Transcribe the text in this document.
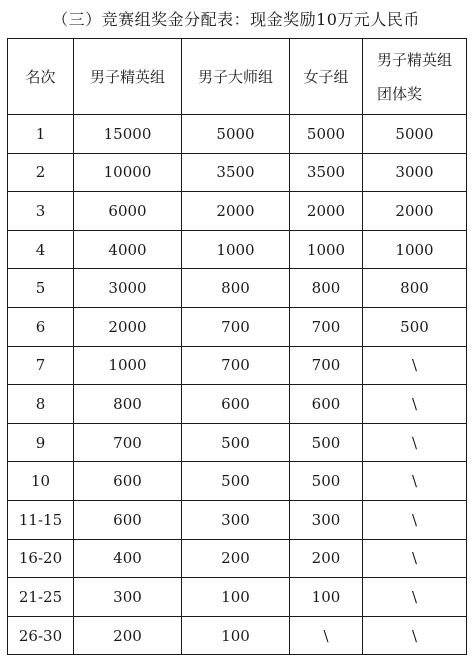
（三）竞赛组奖金分配表：现金奖励10万元人民币
名次	男子精英组	男子大师组	女子组	男子精英组
团体奖
1	15000	5000	5000	5000
2	10000	3500	3500	3000
3	6000	2000	2000	2000
4	4000	1000	1000	1000
5	3000	800	800	800
6	2000	700	700	500
7	1000	700	700	\
8	800	600	600	\
9	700	500	500	\
10	600	500	500	\
11-15	600	300	300	\
16-20	400	200	200	\
21-25	300	100	100	\
26-30	200	100	\	\
